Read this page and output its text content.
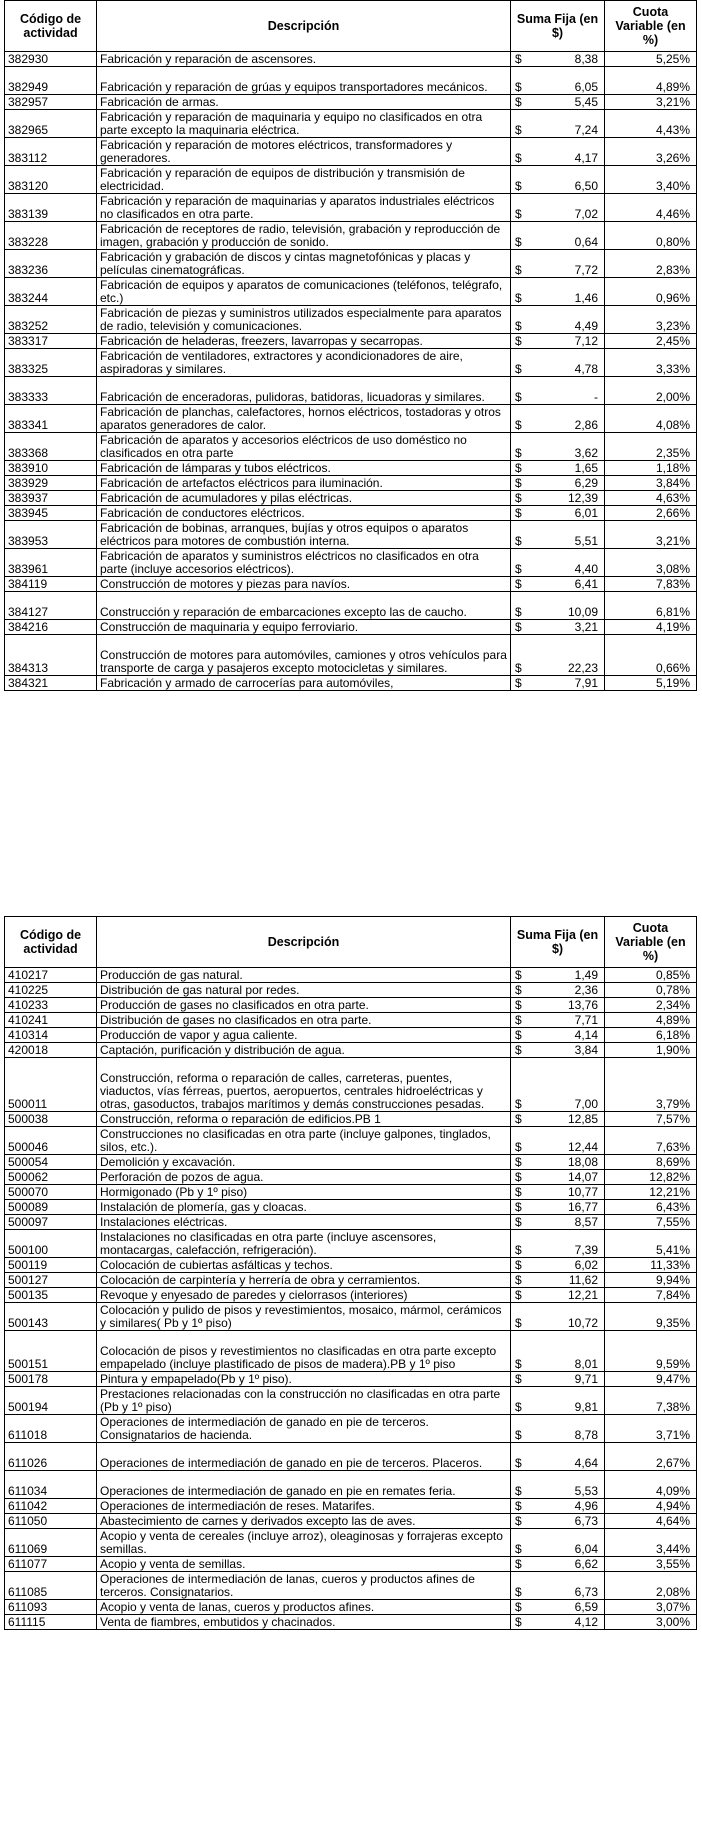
Código de actividad	Descripción	Suma Fija (en $)	Cuota Variable (en %)
382930	Fabricación y reparación de ascensores.	$ 8,38	5,25%
382949	Fabricación y reparación de grúas y equipos transportadores mecánicos.	$ 6,05	4,89%
382957	Fabricación de armas.	$ 5,45	3,21%
382965	Fabricación y reparación de maquinaria y equipo no clasificados en otra parte excepto la maquinaria eléctrica.	$ 7,24	4,43%
383112	Fabricación y reparación de motores eléctricos, transformadores y generadores.	$ 4,17	3,26%
383120	Fabricación y reparación de equipos de distribución y transmisión de electricidad.	$ 6,50	3,40%
383139	Fabricación y reparación de maquinarias y aparatos industriales eléctricos no clasificados en otra parte.	$ 7,02	4,46%
383228	Fabricación de receptores de radio, televisión, grabación y reproducción de imagen, grabación y producción de sonido.	$ 0,64	0,80%
383236	Fabricación y grabación de discos y cintas magnetofónicas y placas y películas cinematográficas.	$ 7,72	2,83%
383244	Fabricación de equipos y aparatos de comunicaciones (teléfonos, telégrafo, etc.)	$ 1,46	0,96%
383252	Fabricación de piezas y suministros utilizados especialmente para aparatos de radio, televisión y comunicaciones.	$ 4,49	3,23%
383317	Fabricación de heladeras, freezers, lavarropas y secarropas.	$ 7,12	2,45%
383325	Fabricación de ventiladores, extractores y acondicionadores de aire, aspiradoras y similares.	$ 4,78	3,33%
383333	Fabricación de enceradoras, pulidoras, batidoras, licuadoras y similares.	$ -	2,00%
383341	Fabricación de planchas, calefactores, hornos eléctricos, tostadoras y otros aparatos generadores de calor.	$ 2,86	4,08%
383368	Fabricación de aparatos y accesorios eléctricos de uso doméstico no clasificados en otra parte	$ 3,62	2,35%
383910	Fabricación de lámparas y tubos eléctricos.	$ 1,65	1,18%
383929	Fabricación de artefactos eléctricos para iluminación.	$ 6,29	3,84%
383937	Fabricación de acumuladores y pilas eléctricas.	$ 12,39	4,63%
383945	Fabricación de conductores eléctricos.	$ 6,01	2,66%
383953	Fabricación de bobinas, arranques, bujías y otros equipos o aparatos eléctricos para motores de combustión interna.	$ 5,51	3,21%
383961	Fabricación de aparatos y suministros eléctricos no clasificados en otra parte (incluye accesorios eléctricos).	$ 4,40	3,08%
384119	Construcción de motores y piezas para navíos.	$ 6,41	7,83%
384127	Construcción y reparación de embarcaciones excepto las de caucho.	$ 10,09	6,81%
384216	Construcción de maquinaria y equipo ferroviario.	$ 3,21	4,19%
384313	Construcción de motores para automóviles, camiones y otros vehículos para transporte de carga y pasajeros excepto motocicletas y similares.	$ 22,23	0,66%
384321	Fabricación y armado de carrocerías para automóviles,	$ 7,91	5,19%
Código de actividad	Descripción	Suma Fija (en $)	Cuota Variable (en %)
410217	Producción de gas natural.	$ 1,49	0,85%
410225	Distribución de gas natural por redes.	$ 2,36	0,78%
410233	Producción de gases no clasificados en otra parte.	$ 13,76	2,34%
410241	Distribución de gases no clasificados en otra parte.	$ 7,71	4,89%
410314	Producción de vapor y agua caliente.	$ 4,14	6,18%
420018	Captación, purificación y distribución de agua.	$ 3,84	1,90%
500011	Construcción, reforma o reparación de calles, carreteras, puentes, viaductos, vías férreas, puertos, aeropuertos, centrales hidroeléctricas y otras, gasoductos, trabajos marítimos y demás construcciones pesadas.	$ 7,00	3,79%
500038	Construcción, reforma o reparación de edificios.PB 1	$ 12,85	7,57%
500046	Construcciones no clasificadas en otra parte (incluye galpones, tinglados, silos, etc.).	$ 12,44	7,63%
500054	Demolición y excavación.	$ 18,08	8,69%
500062	Perforación de pozos de agua.	$ 14,07	12,82%
500070	Hormigonado (Pb y 1º piso)	$ 10,77	12,21%
500089	Instalación de plomería, gas y cloacas.	$ 16,77	6,43%
500097	Instalaciones eléctricas.	$ 8,57	7,55%
500100	Instalaciones no clasificadas en otra parte (incluye ascensores, montacargas, calefacción, refrigeración).	$ 7,39	5,41%
500119	Colocación de cubiertas asfálticas y techos.	$ 6,02	11,33%
500127	Colocación de carpintería y herrería de obra y cerramientos.	$ 11,62	9,94%
500135	Revoque y enyesado de paredes y cielorrasos (interiores)	$ 12,21	7,84%
500143	Colocación y pulido de pisos y revestimientos, mosaico, mármol, cerámicos y similares( Pb y 1º piso)	$ 10,72	9,35%
500151	Colocación de pisos y revestimientos no clasificadas en otra parte excepto empapelado (incluye plastificado de pisos de madera).PB y 1º piso	$ 8,01	9,59%
500178	Pintura y empapelado(Pb y 1º piso).	$ 9,71	9,47%
500194	Prestaciones relacionadas con la construcción no clasificadas en otra parte (Pb y 1º piso)	$ 9,81	7,38%
611018	Operaciones de intermediación de ganado en pie de terceros. Consignatarios de hacienda.	$ 8,78	3,71%
611026	Operaciones de intermediación de ganado en pie de terceros. Placeros.	$ 4,64	2,67%
611034	Operaciones de intermediación de ganado en pie en remates feria.	$ 5,53	4,09%
611042	Operaciones de intermediación de reses. Matarifes.	$ 4,96	4,94%
611050	Abastecimiento de carnes y derivados excepto las de aves.	$ 6,73	4,64%
611069	Acopio y venta de cereales (incluye arroz), oleaginosas y forrajeras excepto semillas.	$ 6,04	3,44%
611077	Acopio y venta de semillas.	$ 6,62	3,55%
611085	Operaciones de intermediación de lanas, cueros y productos afines de terceros. Consignatarios.	$ 6,73	2,08%
611093	Acopio y venta de lanas, cueros y productos afines.	$ 6,59	3,07%
611115	Venta de fiambres, embutidos y chacinados.	$ 4,12	3,00%
